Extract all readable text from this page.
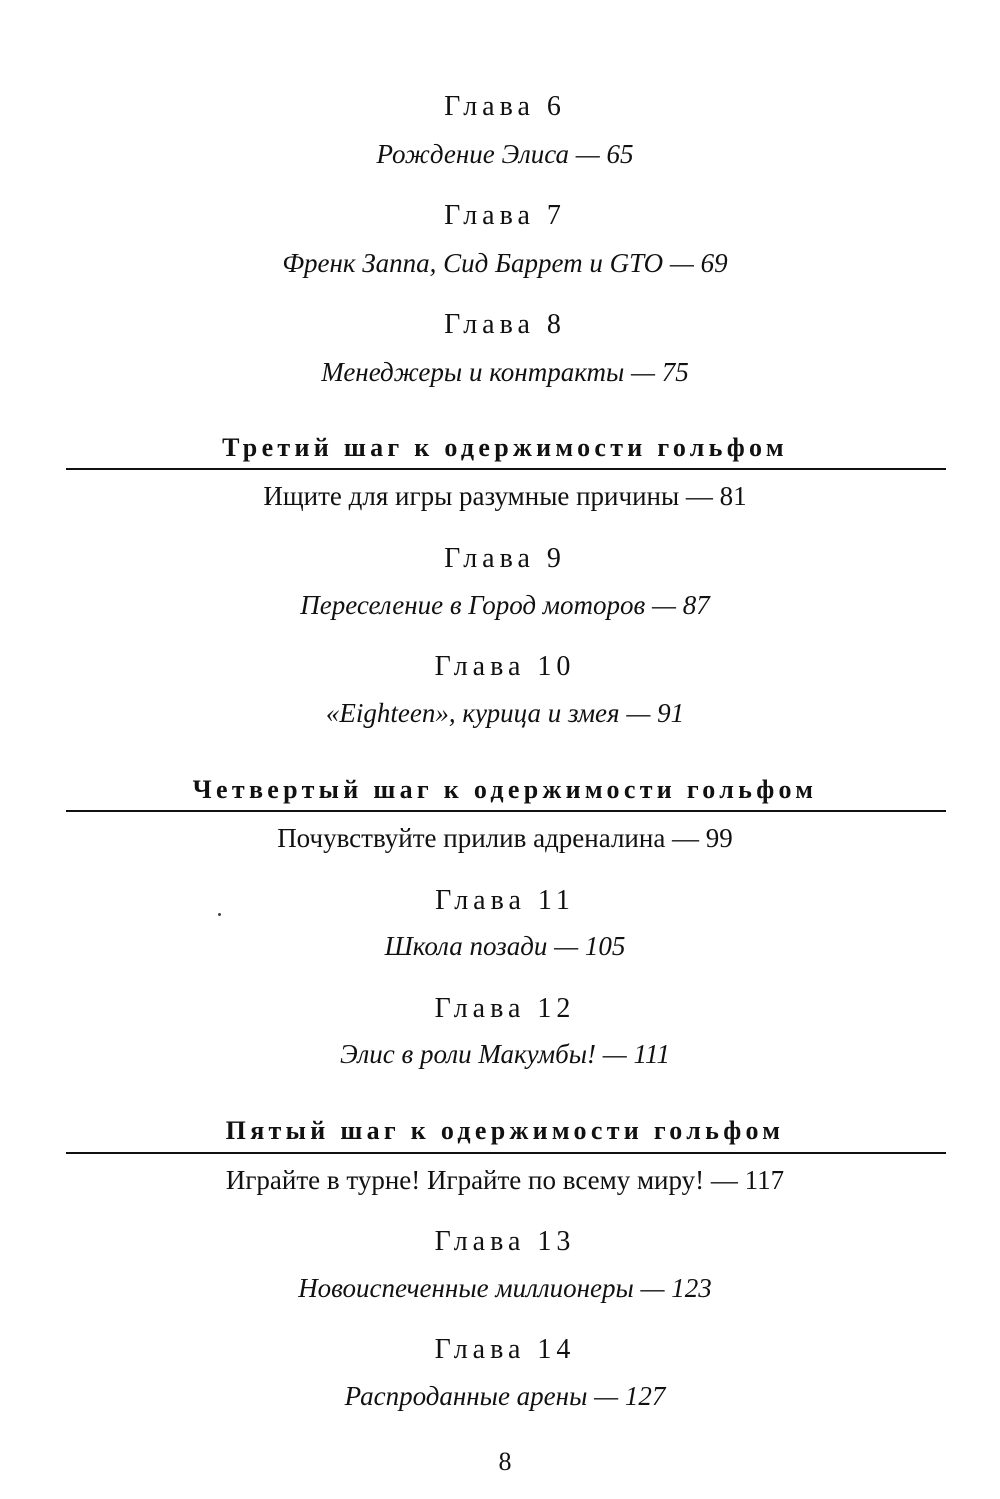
Глава 6
Рождение Элиса — 65
Глава 7
Френк Заппа, Сид Баррет и GTO — 69
Глава 8
Менеджеры и контракты — 75
Третий шаг к одержимости гольфом
Ищите для игры разумные причины — 81
Глава 9
Переселение в Город моторов — 87
Глава 10
«Eighteen», курица и змея — 91
Четвертый шаг к одержимости гольфом
Почувствуйте прилив адреналина — 99
Глава 11
Школа позади — 105
Глава 12
Элис в роли Макумбы! — 111
Пятый шаг к одержимости гольфом
Играйте в турне! Играйте по всему миру! — 117
Глава 13
Новоиспеченные миллионеры — 123
Глава 14
Распроданные арены — 127
8
